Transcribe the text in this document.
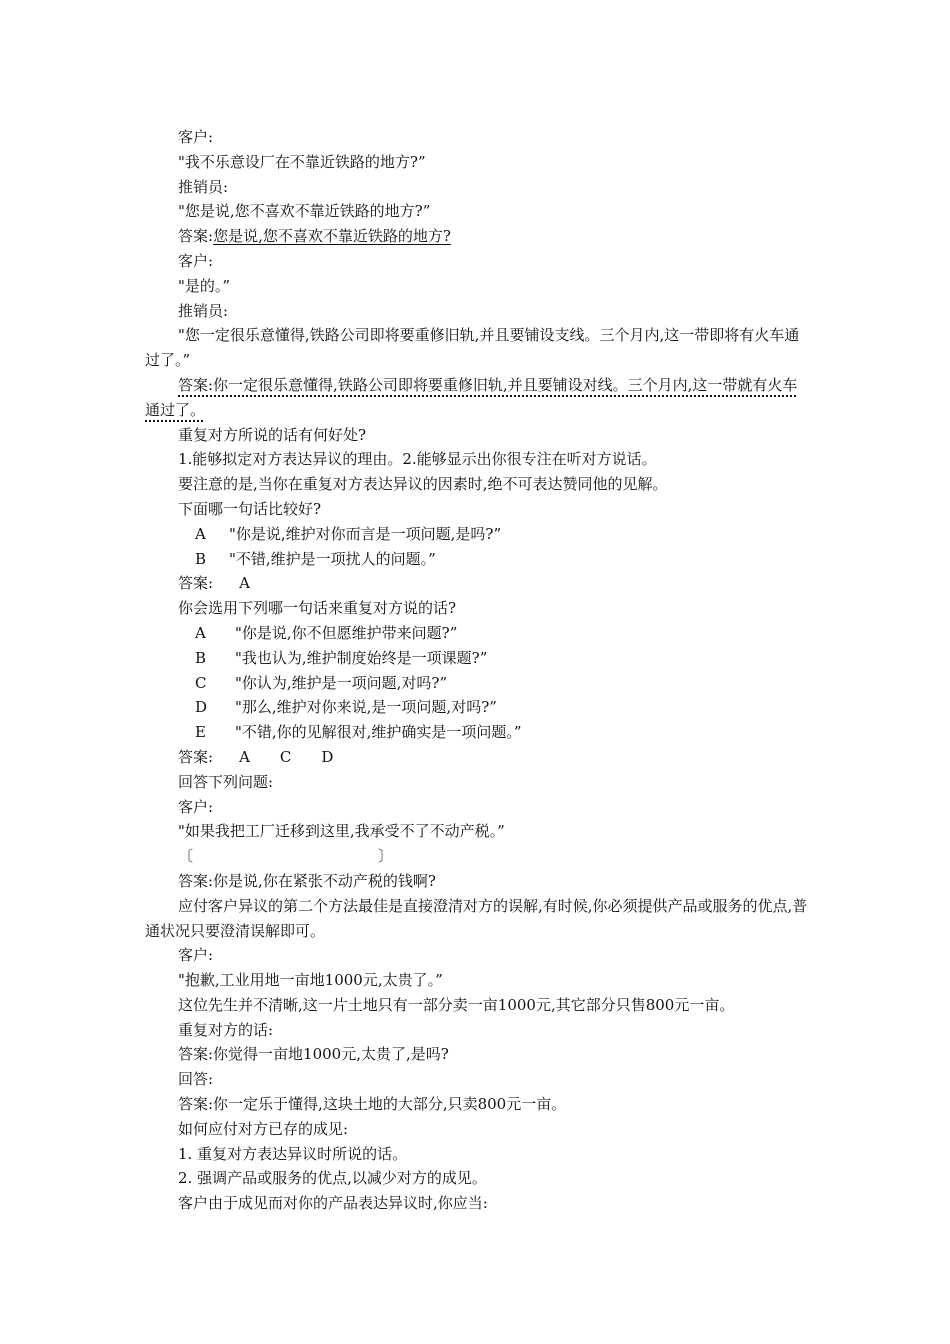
客户:
"我不乐意设厂在不靠近铁路的地方?”
推销员:
"您是说,您不喜欢不靠近铁路的地方?”
答案:您是说,您不喜欢不靠近铁路的地方?
客户:
"是的。”
推销员:
"您一定很乐意懂得,铁路公司即将要重修旧轨,并且要铺设支线。三个月内,这一带即将有火车通过了。”
答案:你一定很乐意懂得,铁路公司即将要重修旧轨,并且要铺设对线。三个月内,这一带就有火车通过了。
重复对方所说的话有何好处?
1.能够拟定对方表达异议的理由。2.能够显示出你很专注在听对方说话。
要注意的是,当你在重复对方表达异议的因素时,绝不可表达赞同他的见解。
下面哪一句话比较好?
A "你是说,维护对你而言是一项问题,是吗?”
B "不错,维护是一项扰人的问题。”
答案: A
你会选用下列哪一句话来重复对方说的话?
A "你是说,你不但愿维护带来问题?”
B "我也认为,维护制度始终是一项课题?”
C "你认为,维护是一项问题,对吗?”
D "那么,维护对你来说,是一项问题,对吗?”
E "不错,你的见解很对,维护确实是一项问题。”
答案: A C D
回答下列问题:
客户:
"如果我把工厂迁移到这里,我承受不了不动产税。”
〔	〕
答案:你是说,你在紧张不动产税的钱啊?
应付客户异议的第二个方法最佳是直接澄清对方的误解,有时候,你必须提供产品或服务的优点,普通状况只要澄清误解即可。
客户:
"抱歉,工业用地一亩地1000元,太贵了。”
这位先生并不清晰,这一片土地只有一部分卖一亩1000元,其它部分只售800元一亩。
重复对方的话:
答案:你觉得一亩地1000元,太贵了,是吗?
回答:
答案:你一定乐于懂得,这块土地的大部分,只卖800元一亩。
如何应付对方已存的成见:
1. 重复对方表达异议时所说的话。
2. 强调产品或服务的优点,以减少对方的成见。
客户由于成见而对你的产品表达异议时,你应当:
